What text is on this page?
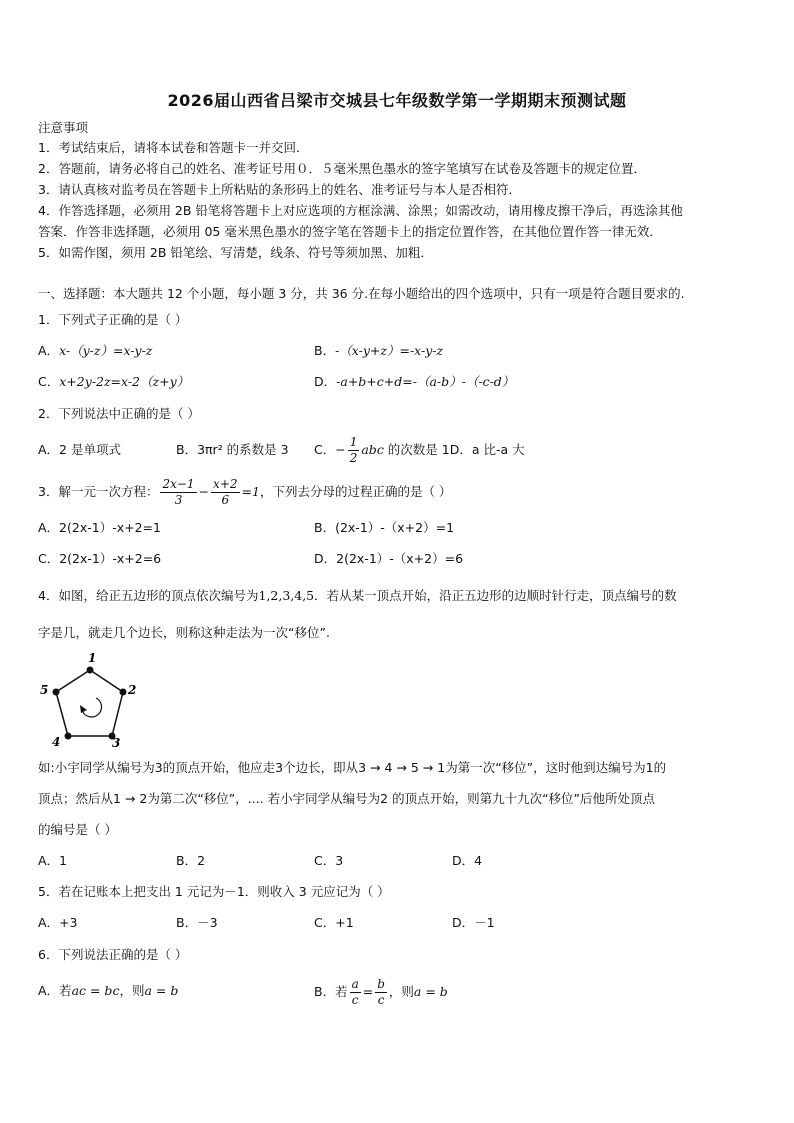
2026届山西省吕梁市交城县七年级数学第一学期期末预测试题
注意事项
1．考试结束后，请将本试卷和答题卡一并交回．
2．答题前，请务必将自己的姓名、准考证号用０．５毫米黑色墨水的签字笔填写在试卷及答题卡的规定位置．
3．请认真核对监考员在答题卡上所粘贴的条形码上的姓名、准考证号与本人是否相符．
4．作答选择题，必须用 2B 铅笔将答题卡上对应选项的方框涂满、涂黑；如需改动，请用橡皮擦干净后，再选涂其他
答案．作答非选择题，必须用 05 毫米黑色墨水的签字笔在答题卡上的指定位置作答，在其他位置作答一律无效．
5．如需作图，须用 2B 铅笔绘、写清楚，线条、符号等须加黑、加粗．
一、选择题：本大题共 12 个小题，每小题 3 分，共 36 分.在每小题给出的四个选项中，只有一项是符合题目要求的.
1．下列式子正确的是（ ）
A．x-（y-z）=x-y-z	B．-（x-y+z）=-x-y-z
C．x+2y-2z=x-2（z+y）	D．-a+b+c+d=-（a-b）-（-c-d）
2．下列说法中正确的是（ ）
A．2 是单项式	B．3πr² 的系数是 3 C．− $\frac{1}{2}$ abc 的次数是 1D．a 比-a 大
3．解一元一次方程： $\frac{2x-1}{3} - \frac{x+2}{6} =1$，下列去分母的过程正确的是（ ）
A．2(2x-1）-x+2=1	B．(2x-1）-（x+2）=1
C．2(2x-1）-x+2=6	D．2(2x-1）-（x+2）=6
4．如图，给正五边形的顶点依次编号为1,2,3,4,5．若从某一顶点开始，沿正五边形的边顺时针行走，顶点编号的数
字是几，就走几个边长，则称这种走法为一次“移位”.
1
2
3
4
5
如:小宇同学从编号为3的顶点开始，他应走3个边长，即从3 → 4 → 5 → 1为第一次“移位”，这时他到达编号为1的
顶点；然后从1 → 2为第二次“移位”，.... 若小宇同学从编号为2 的顶点开始，则第九十九次“移位”后他所处顶点
的编号是（ ）
A．1	B．2	C．3	D．4
5．若在记账本上把支出 1 元记为－1．则收入 3 元应记为（ ）
A．+3	B．－3	C．+1	D．－1
6．下列说法正确的是（ ）
A．若ac = bc，则a = b	B．若 $\frac{a}{c} = \frac{b}{c}$ ，则a = b
